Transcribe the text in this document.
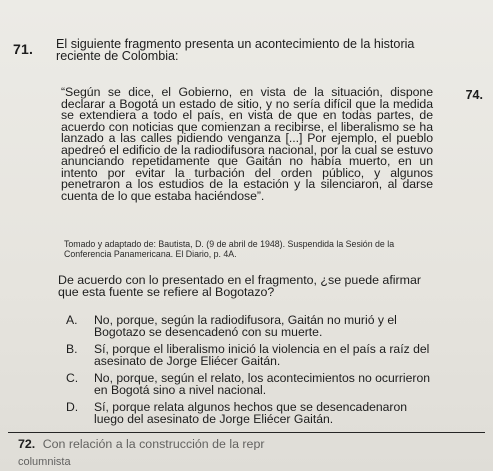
71. El siguiente fragmento presenta un acontecimiento de la historia reciente de Colombia:
74.
“Según se dice, el Gobierno, en vista de la situación, dispone declarar a Bogotá un estado de sitio, y no sería difícil que la medida se extendiera a todo el país, en vista de que en todas partes, de acuerdo con noticias que comienzan a recibirse, el liberalismo se ha lanzado a las calles pidiendo venganza [...] Por ejemplo, el pueblo apedreó el edificio de la radiodifusora nacional, por la cual se estuvo anunciando repetidamente que Gaitán no había muerto, en un intento por evitar la turbación del orden público, y algunos penetraron a los estudios de la estación y la silenciaron, al darse cuenta de lo que estaba haciéndose”.
Tomado y adaptado de: Bautista, D. (9 de abril de 1948). Suspendida la Sesión de la Conferencia Panamericana. El Diario, p. 4A.
De acuerdo con lo presentado en el fragmento, ¿se puede afirmar que esta fuente se refiere al Bogotazo?
A.	No, porque, según la radiodifusora, Gaitán no murió y el Bogotazo se desencadenó con su muerte.
B.	Sí, porque el liberalismo inició la violencia en el país a raíz del asesinato de Jorge Eliécer Gaitán.
C.	No, porque, según el relato, los acontecimientos no ocurrieron en Bogotá sino a nivel nacional.
D.	Sí, porque relata algunos hechos que se desencadenaron luego del asesinato de Jorge Eliécer Gaitán.
72. Con relación a la construcción de la repr
columnista
